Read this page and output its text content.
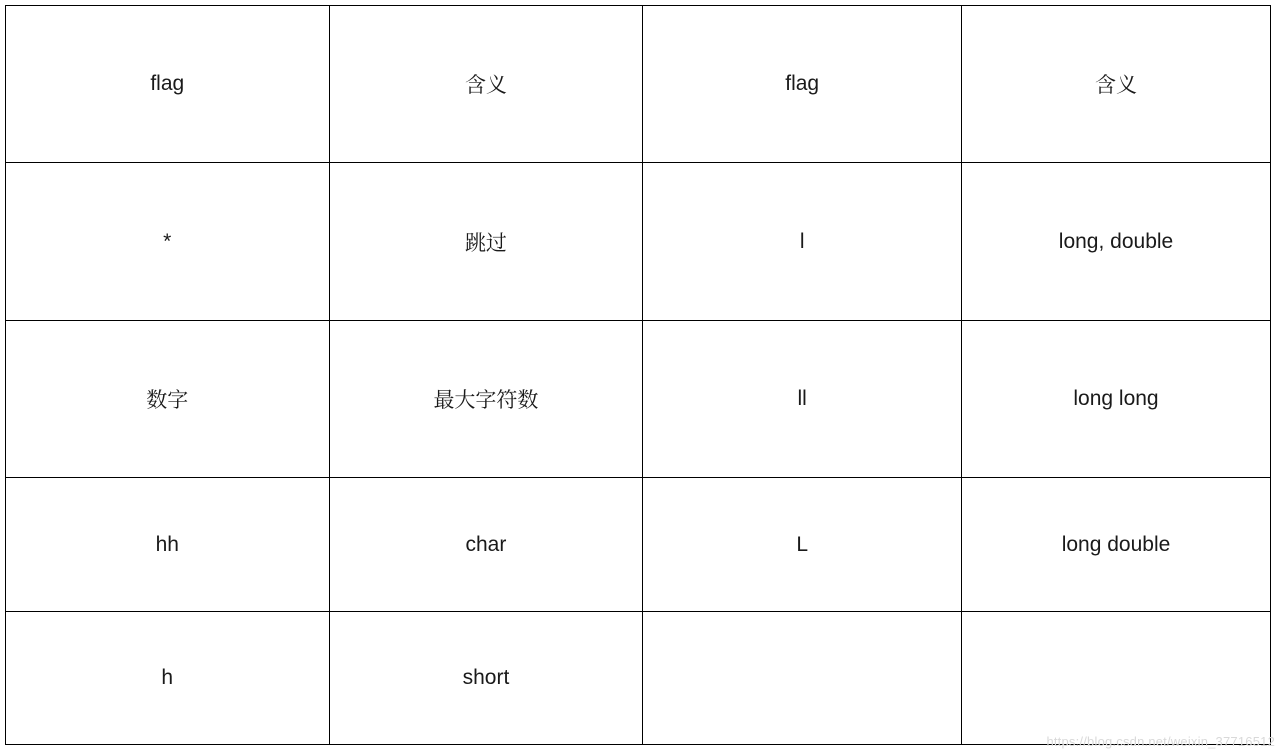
flag	含义	flag	含义
*	跳过	l	long, double
数字	最大字符数	ll	long long
hh	char	L	long double
h	short		
https://blog.csdn.net/weixin_37716512
